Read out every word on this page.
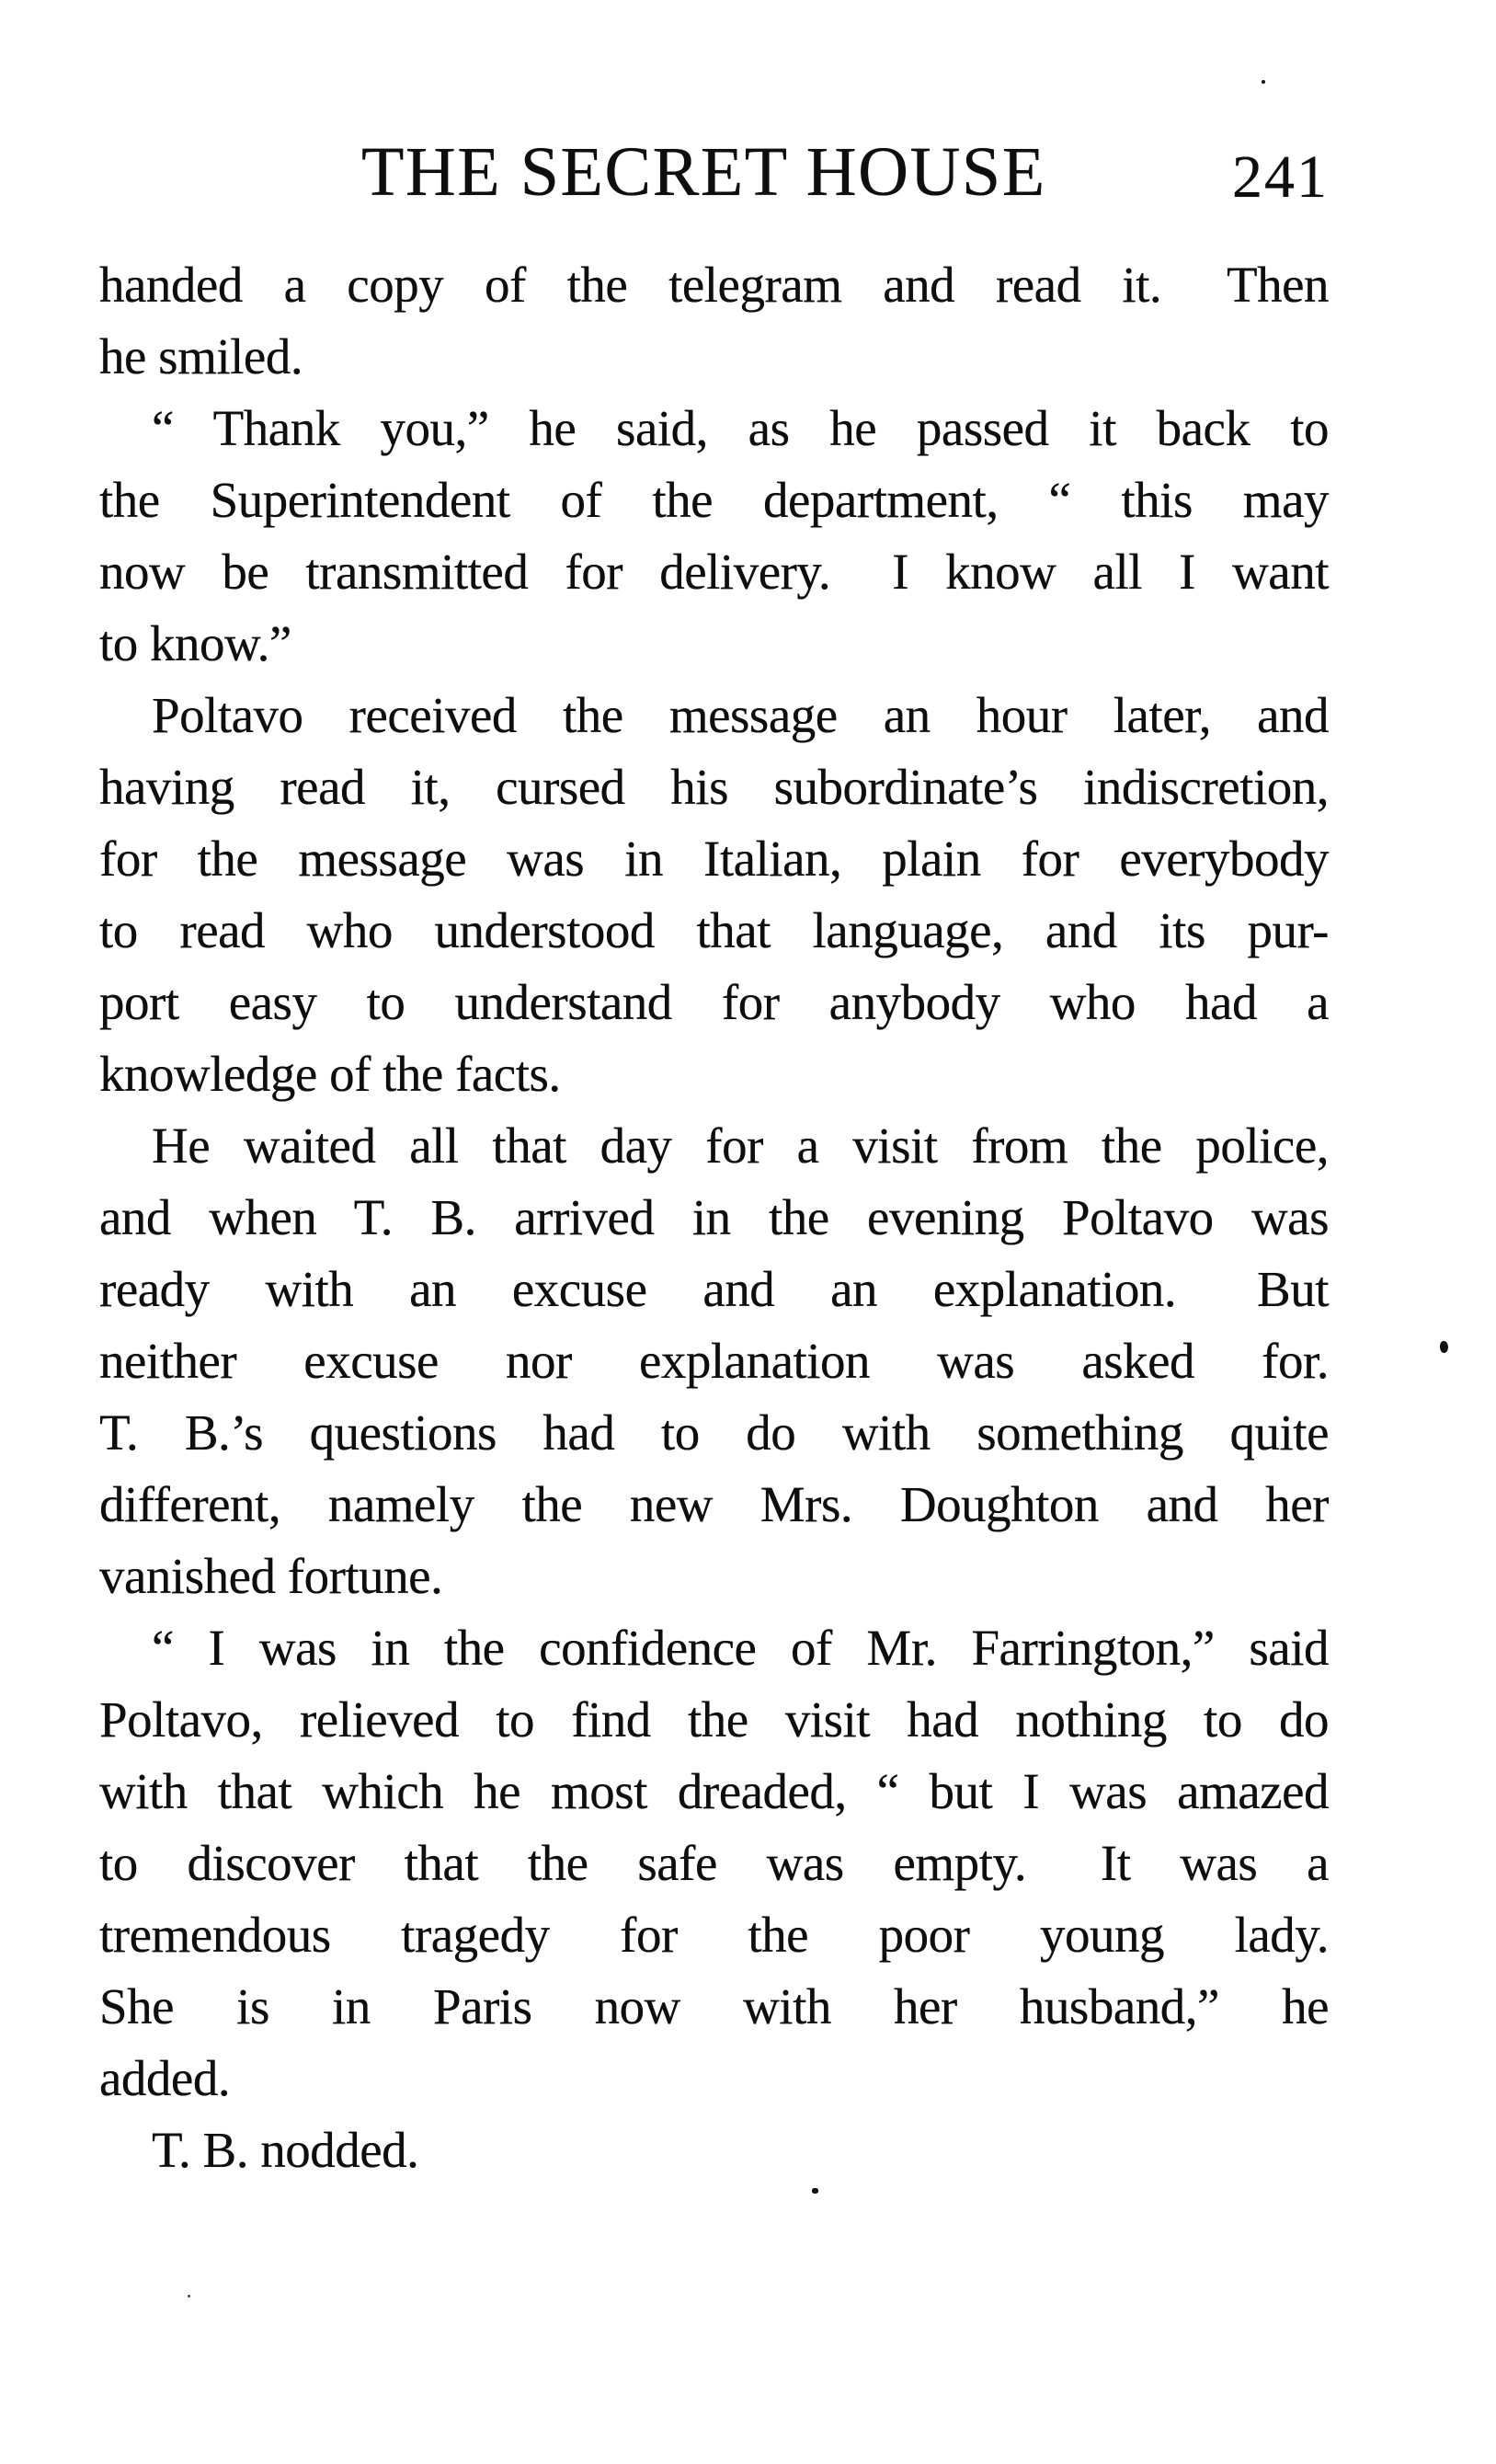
THE SECRET HOUSE	241
handed a copy of the telegram and read it.  Then
he smiled.
“ Thank you,” he said, as he passed it back to
the Superintendent of the department, “ this may
now be transmitted for delivery.  I know all I want
to know.”
Poltavo received the message an hour later, and
having read it, cursed his subordinate’s indiscretion,
for the message was in Italian, plain for everybody
to read who understood that language, and its pur-
port easy to understand for anybody who had a
knowledge of the facts.
He waited all that day for a visit from the police,
and when T. B. arrived in the evening Poltavo was
ready with an excuse and an explanation.  But
neither excuse nor explanation was asked for.
T. B.’s questions had to do with something quite
different, namely the new Mrs. Doughton and her
vanished fortune.
“ I was in the confidence of Mr. Farrington,” said
Poltavo, relieved to find the visit had nothing to do
with that which he most dreaded, “ but I was amazed
to discover that the safe was empty.  It was a
tremendous tragedy for the poor young lady.
She is in Paris now with her husband,” he
added.
T. B. nodded.
